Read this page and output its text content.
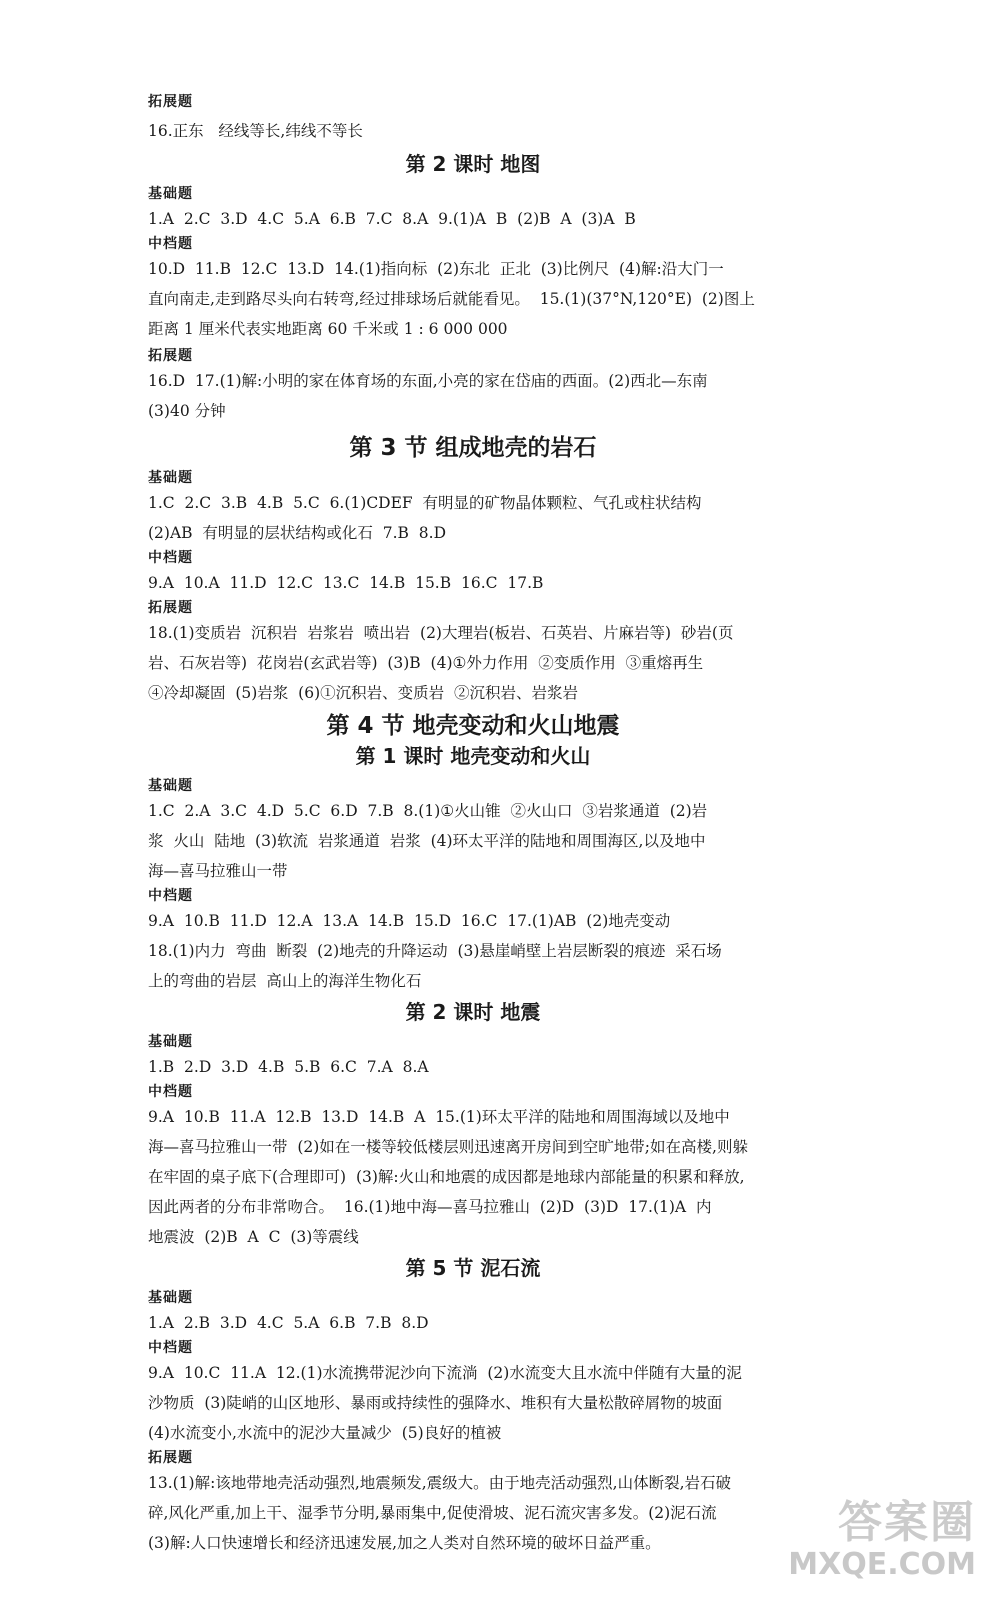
拓展题

16.正东   经线等长,纬线不等长

第 2 课时 地图

基础题

1.A  2.C  3.D  4.C  5.A  6.B  7.C  8.A  9.(1)A  B  (2)B  A  (3)A  B

中档题

10.D  11.B  12.C  13.D  14.(1)指向标  (2)东北  正北  (3)比例尺  (4)解:沿大门一

直向南走,走到路尽头向右转弯,经过排球场后就能看见。  15.(1)(37°N,120°E)  (2)图上

距离 1 厘米代表实地距离 60 千米或 1 : 6 000 000

拓展题

16.D  17.(1)解:小明的家在体育场的东面,小亮的家在岱庙的西面。(2)西北—东南

(3)40 分钟

第 3 节 组成地壳的岩石

基础题

1.C  2.C  3.B  4.B  5.C  6.(1)CDEF  有明显的矿物晶体颗粒、气孔或柱状结构

(2)AB  有明显的层状结构或化石  7.B  8.D

中档题

9.A  10.A  11.D  12.C  13.C  14.B  15.B  16.C  17.B

拓展题

18.(1)变质岩  沉积岩  岩浆岩  喷出岩  (2)大理岩(板岩、石英岩、片麻岩等)  砂岩(页

岩、石灰岩等)  花岗岩(玄武岩等)  (3)B  (4)①外力作用  ②变质作用  ③重熔再生

④冷却凝固  (5)岩浆  (6)①沉积岩、变质岩  ②沉积岩、岩浆岩

第 4 节 地壳变动和火山地震

第 1 课时 地壳变动和火山

基础题

1.C  2.A  3.C  4.D  5.C  6.D  7.B  8.(1)①火山锥  ②火山口  ③岩浆通道  (2)岩

浆  火山  陆地  (3)软流  岩浆通道  岩浆  (4)环太平洋的陆地和周围海区,以及地中

海—喜马拉雅山一带

中档题

9.A  10.B  11.D  12.A  13.A  14.B  15.D  16.C  17.(1)AB  (2)地壳变动

18.(1)内力  弯曲  断裂  (2)地壳的升降运动  (3)悬崖峭壁上岩层断裂的痕迹  采石场

上的弯曲的岩层  高山上的海洋生物化石

第 2 课时 地震

基础题

1.B  2.D  3.D  4.B  5.B  6.C  7.A  8.A

中档题

9.A  10.B  11.A  12.B  13.D  14.B  A  15.(1)环太平洋的陆地和周围海域以及地中

海—喜马拉雅山一带  (2)如在一楼等较低楼层则迅速离开房间到空旷地带;如在高楼,则躲

在牢固的桌子底下(合理即可)  (3)解:火山和地震的成因都是地球内部能量的积累和释放,

因此两者的分布非常吻合。  16.(1)地中海—喜马拉雅山  (2)D  (3)D  17.(1)A  内

地震波  (2)B  A  C  (3)等震线

第 5 节 泥石流

基础题

1.A  2.B  3.D  4.C  5.A  6.B  7.B  8.D

中档题

9.A  10.C  11.A  12.(1)水流携带泥沙向下流淌  (2)水流变大且水流中伴随有大量的泥

沙物质  (3)陡峭的山区地形、暴雨或持续性的强降水、堆积有大量松散碎屑物的坡面

(4)水流变小,水流中的泥沙大量减少  (5)良好的植被

拓展题

13.(1)解:该地带地壳活动强烈,地震频发,震级大。由于地壳活动强烈,山体断裂,岩石破

碎,风化严重,加上干、湿季节分明,暴雨集中,促使滑坡、泥石流灾害多发。(2)泥石流

(3)解:人口快速增长和经济迅速发展,加之人类对自然环境的破坏日益严重。	答案圈
MXQE.COM
